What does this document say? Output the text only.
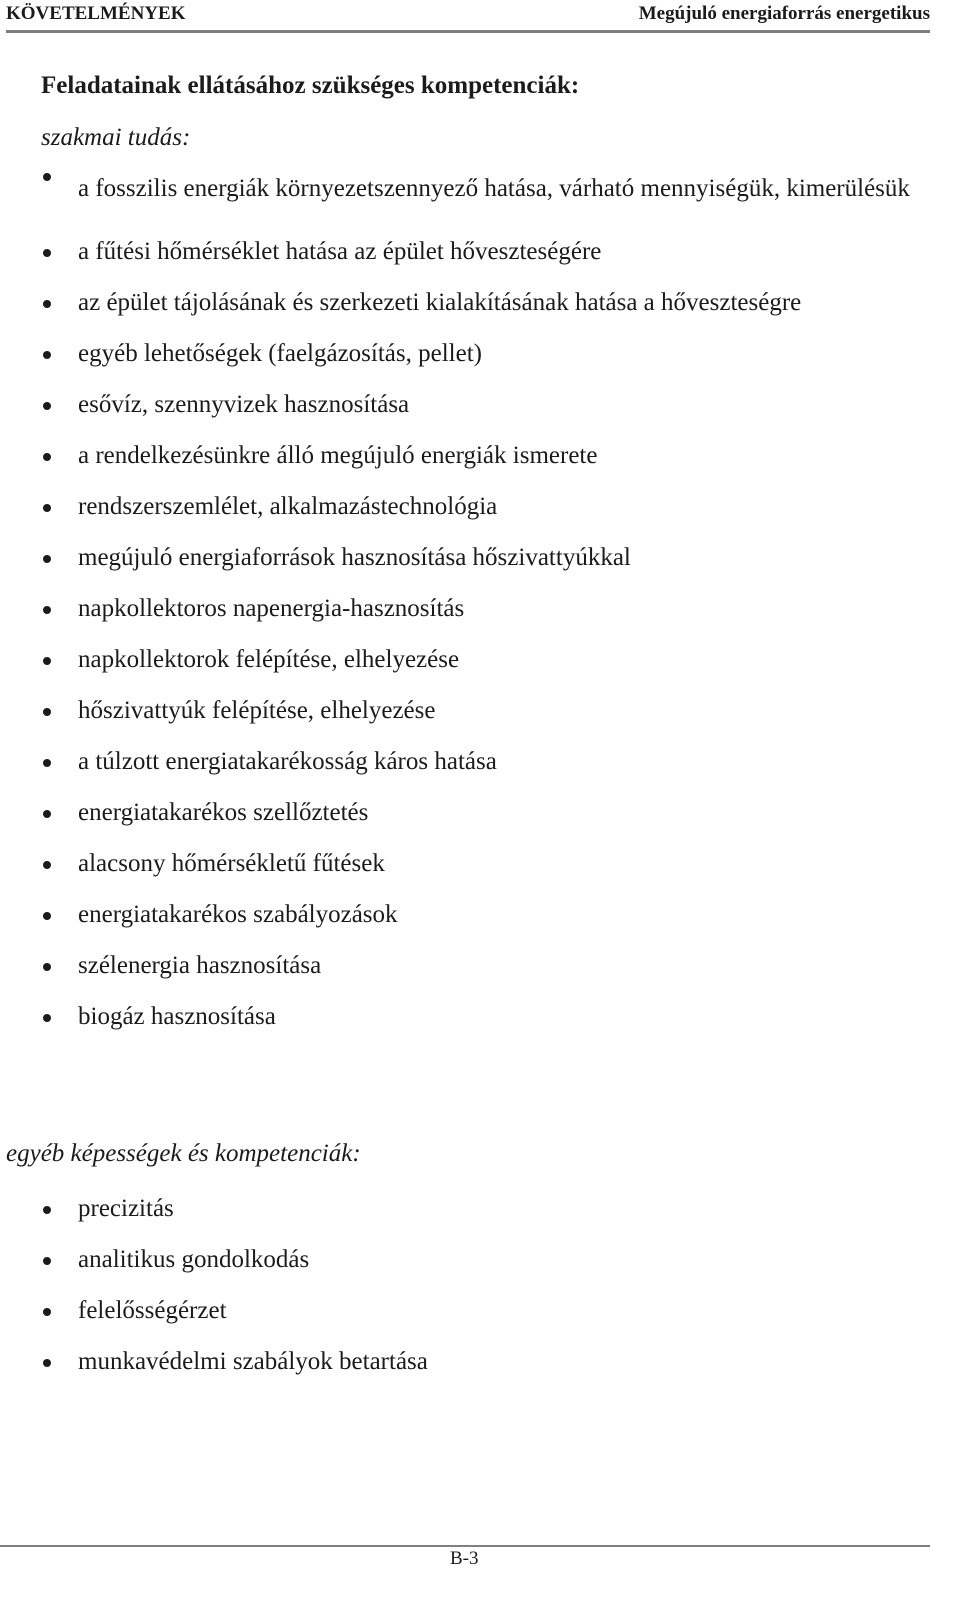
KÖVETELMÉNYEK	Megújuló energiaforrás energetikus
Feladatainak ellátásához szükséges kompetenciák:
szakmai tudás:
a fosszilis energiák környezetszennyező hatása, várható mennyiségük, kimerülésük
a fűtési hőmérséklet hatása az épület hőveszteségére
az épület tájolásának és szerkezeti kialakításának hatása a hőveszteségre
egyéb lehetőségek (faelgázosítás, pellet)
esővíz, szennyvizek hasznosítása
a rendelkezésünkre álló megújuló energiák ismerete
rendszerszemlélet, alkalmazástechnológia
megújuló energiaforrások hasznosítása hőszivattyúkkal
napkollektoros napenergia-hasznosítás
napkollektorok felépítése, elhelyezése
hőszivattyúk felépítése, elhelyezése
a túlzott energiatakarékosság káros hatása
energiatakarékos szellőztetés
alacsony hőmérsékletű fűtések
energiatakarékos szabályozások
szélenergia hasznosítása
biogáz hasznosítása
egyéb képességek és kompetenciák:
precizitás
analitikus gondolkodás
felelősségérzet
munkavédelmi szabályok betartása
B-3
